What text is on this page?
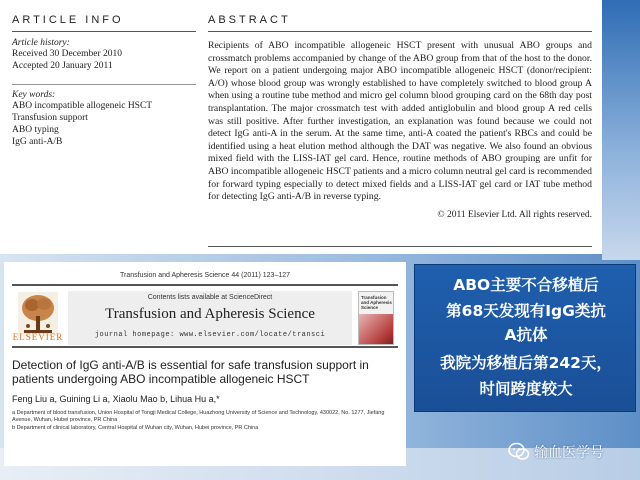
ARTICLE INFO
Article history:
Received 30 December 2010
Accepted 20 January 2011
Key words:
ABO incompatible allogeneic HSCT
Transfusion support
ABO typing
IgG anti-A/B
ABSTRACT
Recipients of ABO incompatible allogeneic HSCT present with unusual ABO groups and crossmatch problems accompanied by change of the ABO group from that of the host to the donor. We report on a patient undergoing major ABO incompatible allogeneic HSCT (donor/recipient: A/O) whose blood group was wrongly established to have completely switched to blood group A when using a routine tube method and micro gel column blood grouping card on the 68th day post transplantation. The major crossmatch test with added antiglobulin and blood group A red cells was still positive. After further investigation, an explanation was found because we could not detect IgG anti-A in the serum. At the same time, anti-A coated the patient's RBCs and could be identified using a heat elution method although the DAT was negative. We also found an obvious mixed field with the LISS-IAT gel card. Hence, routine methods of ABO grouping are unfit for ABO incompatible allogeneic HSCT patients and a micro column neutral gel card is recommended for forward typing especially to detect mixed fields and a LISS-IAT gel card or IAT tube method for detecting IgG anti-A/B in reverse typing.
© 2011 Elsevier Ltd. All rights reserved.
Transfusion and Apheresis Science 44 (2011) 123–127
ELSEVIER
Contents lists available at ScienceDirect
Transfusion and Apheresis Science
journal homepage: www.elsevier.com/locate/transci
Transfusion and Apheresis Science
Detection of IgG anti-A/B is essential for safe transfusion support in patients undergoing ABO incompatible allogeneic HSCT
Feng Liu a, Guining Li a, Xiaolu Mao b, Lihua Hu a,*
a Department of blood transfusion, Union Hospital of Tongji Medical College, Huazhong University of Science and Technology, 430022, No. 1277, Jiefang Avenue, Wuhan, Hubei province, PR China
b Department of clinical laboratory, Central Hospital of Wuhan city, Wuhan, Hubei province, PR China
ABO主要不合移植后
第68天发现有IgG类抗
A抗体
我院为移植后第242天，
时间跨度较大
输血医学号
